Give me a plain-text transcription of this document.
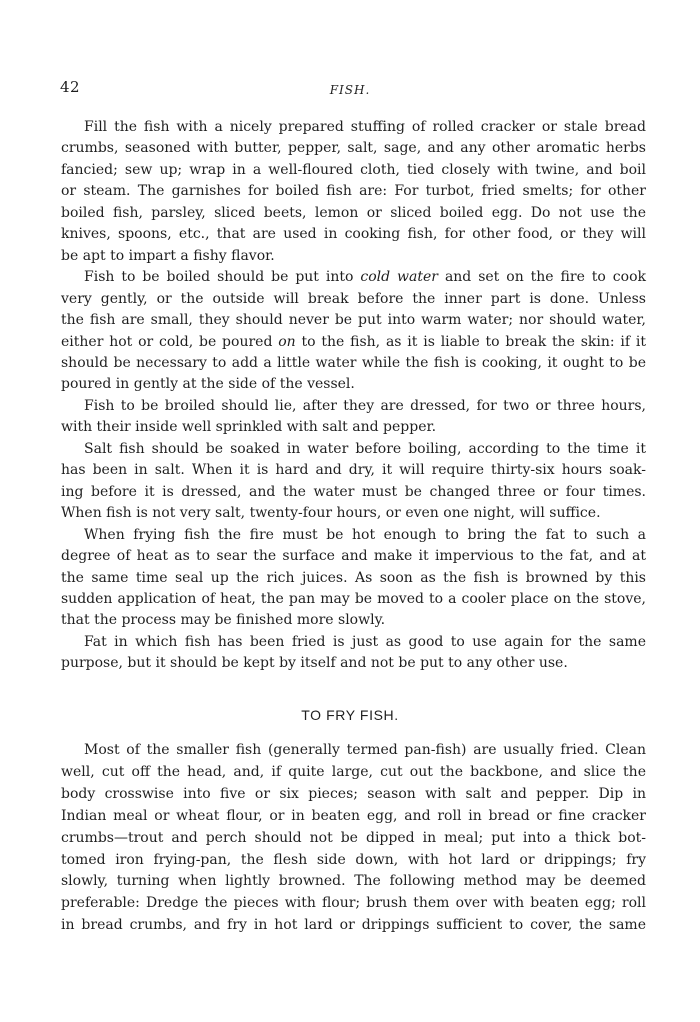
42	FISH.

Fill the fish with a nicely prepared stuffing of rolled cracker or stale bread
crumbs, seasoned with butter, pepper, salt, sage, and any other aromatic herbs
fancied; sew up; wrap in a well-floured cloth, tied closely with twine, and boil
or steam. The garnishes for boiled fish are: For turbot, fried smelts; for other
boiled fish, parsley, sliced beets, lemon or sliced boiled egg. Do not use the
knives, spoons, etc., that are used in cooking fish, for other food, or they will
be apt to impart a fishy flavor.

Fish to be boiled should be put into cold water and set on the fire to cook
very gently, or the outside will break before the inner part is done. Unless
the fish are small, they should never be put into warm water; nor should water,
either hot or cold, be poured on to the fish, as it is liable to break the skin: if it
should be necessary to add a little water while the fish is cooking, it ought to be
poured in gently at the side of the vessel.

Fish to be broiled should lie, after they are dressed, for two or three hours,
with their inside well sprinkled with salt and pepper.

Salt fish should be soaked in water before boiling, according to the time it
has been in salt. When it is hard and dry, it will require thirty-six hours soak-
ing before it is dressed, and the water must be changed three or four times.
When fish is not very salt, twenty-four hours, or even one night, will suffice.

When frying fish the fire must be hot enough to bring the fat to such a
degree of heat as to sear the surface and make it impervious to the fat, and at
the same time seal up the rich juices. As soon as the fish is browned by this
sudden application of heat, the pan may be moved to a cooler place on the stove,
that the process may be finished more slowly.

Fat in which fish has been fried is just as good to use again for the same
purpose, but it should be kept by itself and not be put to any other use.

TO FRY FISH.

Most of the smaller fish (generally termed pan-fish) are usually fried. Clean
well, cut off the head, and, if quite large, cut out the backbone, and slice the
body crosswise into five or six pieces; season with salt and pepper. Dip in
Indian meal or wheat flour, or in beaten egg, and roll in bread or fine cracker
crumbs—trout and perch should not be dipped in meal; put into a thick bot-
tomed iron frying-pan, the flesh side down, with hot lard or drippings; fry
slowly, turning when lightly browned. The following method may be deemed
preferable: Dredge the pieces with flour; brush them over with beaten egg; roll
in bread crumbs, and fry in hot lard or drippings sufficient to cover, the same
